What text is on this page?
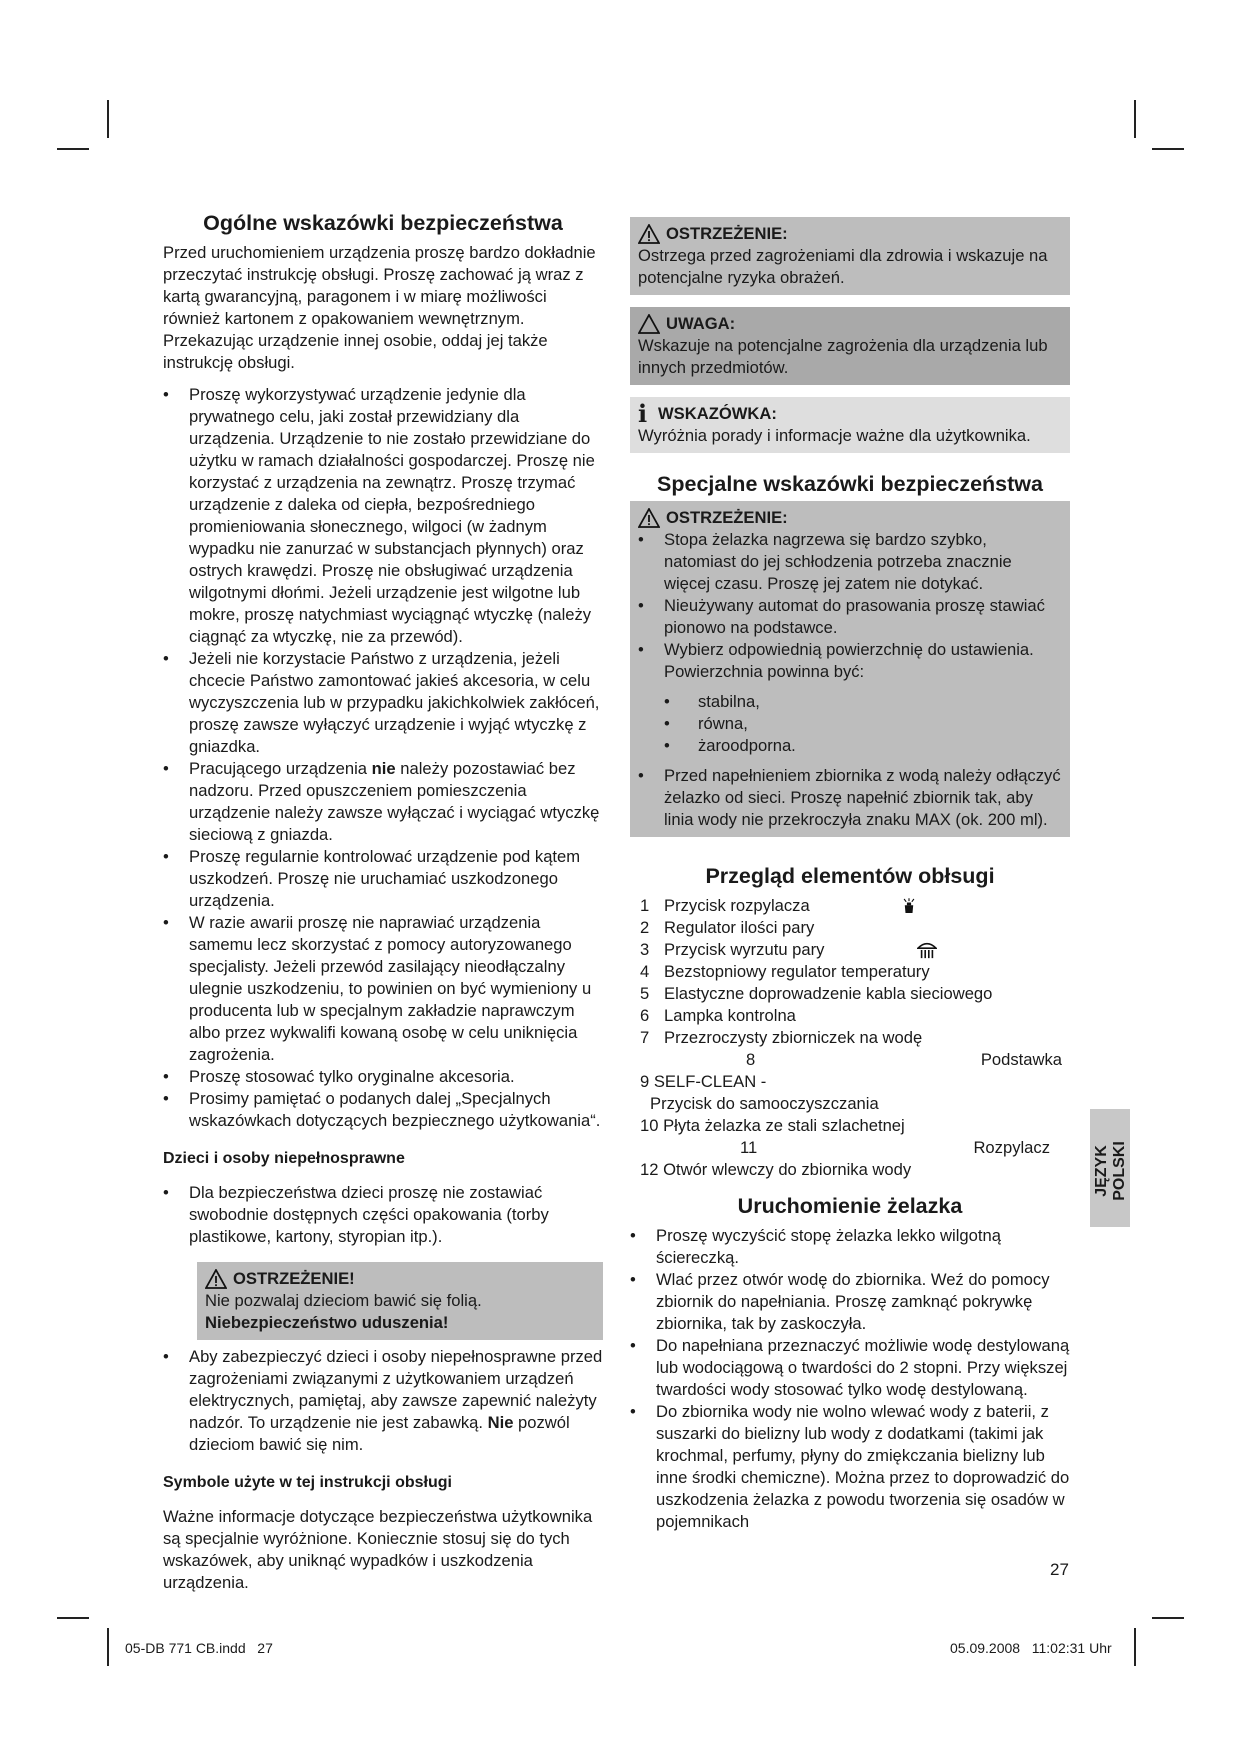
Ogólne wskazówki bezpieczeństwa

Przed uruchomieniem urządzenia proszę bardzo dokładnie przeczytać instrukcję obsługi. Proszę zachować ją wraz z kartą gwarancyjną, paragonem i w miarę możliwości również kartonem z opakowaniem wewnętrznym. Przekazując urządzenie innej osobie, oddaj jej także instrukcję obsługi.

• Proszę wykorzystywać urządzenie jedynie dla prywatnego celu, jaki został przewidziany dla urządzenia. Urządzenie to nie zostało przewidziane do użytku w ramach działalności gospodarczej. Proszę nie korzystać z urządzenia na zewnątrz. Proszę trzymać urządzenie z daleka od ciepła, bezpośredniego promieniowania słonecznego, wilgoci (w żadnym wypadku nie zanurzać w substancjach płynnych) oraz ostrych krawędzi. Proszę nie obsługiwać urządzenia wilgotnymi dłońmi. Jeżeli urządzenie jest wilgotne lub mokre, proszę natychmiast wyciągnąć wtyczkę (należy ciągnąć za wtyczkę, nie za przewód).
• Jeżeli nie korzystacie Państwo z urządzenia, jeżeli chcecie Państwo zamontować jakieś akcesoria, w celu wyczyszczenia lub w przypadku jakichkolwiek zakłóceń, proszę zawsze wyłączyć urządzenie i wyjąć wtyczkę z gniazdka.
• Pracującego urządzenia nie należy pozostawiać bez nadzoru. Przed opuszczeniem pomieszczenia urządzenie należy zawsze wyłączać i wyciągać wtyczkę sieciową z gniazda.
• Proszę regularnie kontrolować urządzenie pod kątem uszkodzeń. Proszę nie uruchamiać uszkodzonego urządzenia.
• W razie awarii proszę nie naprawiać urządzenia samemu lecz skorzystać z pomocy autoryzowanego specjalisty. Jeżeli przewód zasilający nieodłączalny ulegnie uszkodzeniu, to powinien on być wymieniony u producenta lub w specjalnym zakładzie naprawczym albo przez wykwalifi kowaną osobę w celu uniknięcia zagrożenia.
• Proszę stosować tylko oryginalne akcesoria.
• Prosimy pamiętać o podanych dalej „Specjalnych wskazówkach dotyczących bezpiecznego użytkowania“.
Dzieci i osoby niepełnosprawne
• Dla bezpieczeństwa dzieci proszę nie zostawiać swobodnie dostępnych części opakowania (torby plastikowe, kartony, styropian itp.).
OSTRZEŻENIE!
Nie pozwalaj dzieciom bawić się folią.
Niebezpieczeństwo uduszenia!
• Aby zabezpieczyć dzieci i osoby niepełnosprawne przed zagrożeniami związanymi z użytkowaniem urządzeń elektrycznych, pamiętaj, aby zawsze zapewnić należyty nadzór. To urządzenie nie jest zabawką. Nie pozwól dzieciom bawić się nim.
Symbole użyte w tej instrukcji obsługi

Ważne informacje dotyczące bezpieczeństwa użytkownika są specjalnie wyróżnione. Koniecznie stosuj się do tych wskazówek, aby uniknąć wypadków i uszkodzenia urządzenia.

OSTRZEŻENIE:
Ostrzega przed zagrożeniami dla zdrowia i wskazuje na potencjalne ryzyka obrażeń.
UWAGA:
Wskazuje na potencjalne zagrożenia dla urządzenia lub innych przedmiotów.
i WSKAZÓWKA:
Wyróżnia porady i informacje ważne dla użytkownika.
Specjalne wskazówki bezpieczeństwa
OSTRZEŻENIE:
• Stopa żelazka nagrzewa się bardzo szybko, natomiast do jej schłodzenia potrzeba znacznie więcej czasu. Proszę jej zatem nie dotykać.
• Nieużywany automat do prasowania proszę stawiać pionowo na podstawce.
• Wybierz odpowiednią powierzchnię do ustawienia. Powierzchnia powinna być:
• stabilna,
• równa,
• żaroodporna.
• Przed napełnieniem zbiornika z wodą należy odłączyć żelazko od sieci. Proszę napełnić zbiornik tak, aby linia wody nie przekroczyła znaku MAX (ok. 200 ml).
Przegląd elementów obłsugi
1 Przycisk rozpylacza
2 Regulator ilości pary
3 Przycisk wyrzutu pary
4 Bezstopniowy regulator temperatury
5 Elastyczne doprowadzenie kabla sieciowego
6 Lampka kontrolna
7 Przezroczysty zbiorniczek na wodę
8	Podstawka
9 SELF-CLEAN -
Przycisk do samooczyszczania
10 Płyta żelazka ze stali szlachetnej
11	Rozpylacz
12 Otwór wlewczy do zbiornika wody
Uruchomienie żelazka
• Proszę wyczyścić stopę żelazka lekko wilgotną ściereczką.
• Wlać przez otwór wodę do zbiornika. Weź do pomocy zbiornik do napełniania. Proszę zamknąć pokrywkę zbiornika, tak by zaskoczyła.
• Do napełniana przeznaczyć możliwie wodę destylowaną lub wodociągową o twardości do 2 stopni. Przy większej twardości wody stosować tylko wodę destylowaną.
• Do zbiornika wody nie wolno wlewać wody z baterii, z suszarki do bielizny lub wody z dodatkami (takimi jak krochmal, perfumy, płyny do zmiękczania bielizny lub inne środki chemiczne). Można przez to doprowadzić do uszkodzenia żelazka z powodu tworzenia się osadów w pojemnikach
JĘZYK POLSKI
27
05-DB 771 CB.indd   27	05.09.2008   11:02:31 Uhr
